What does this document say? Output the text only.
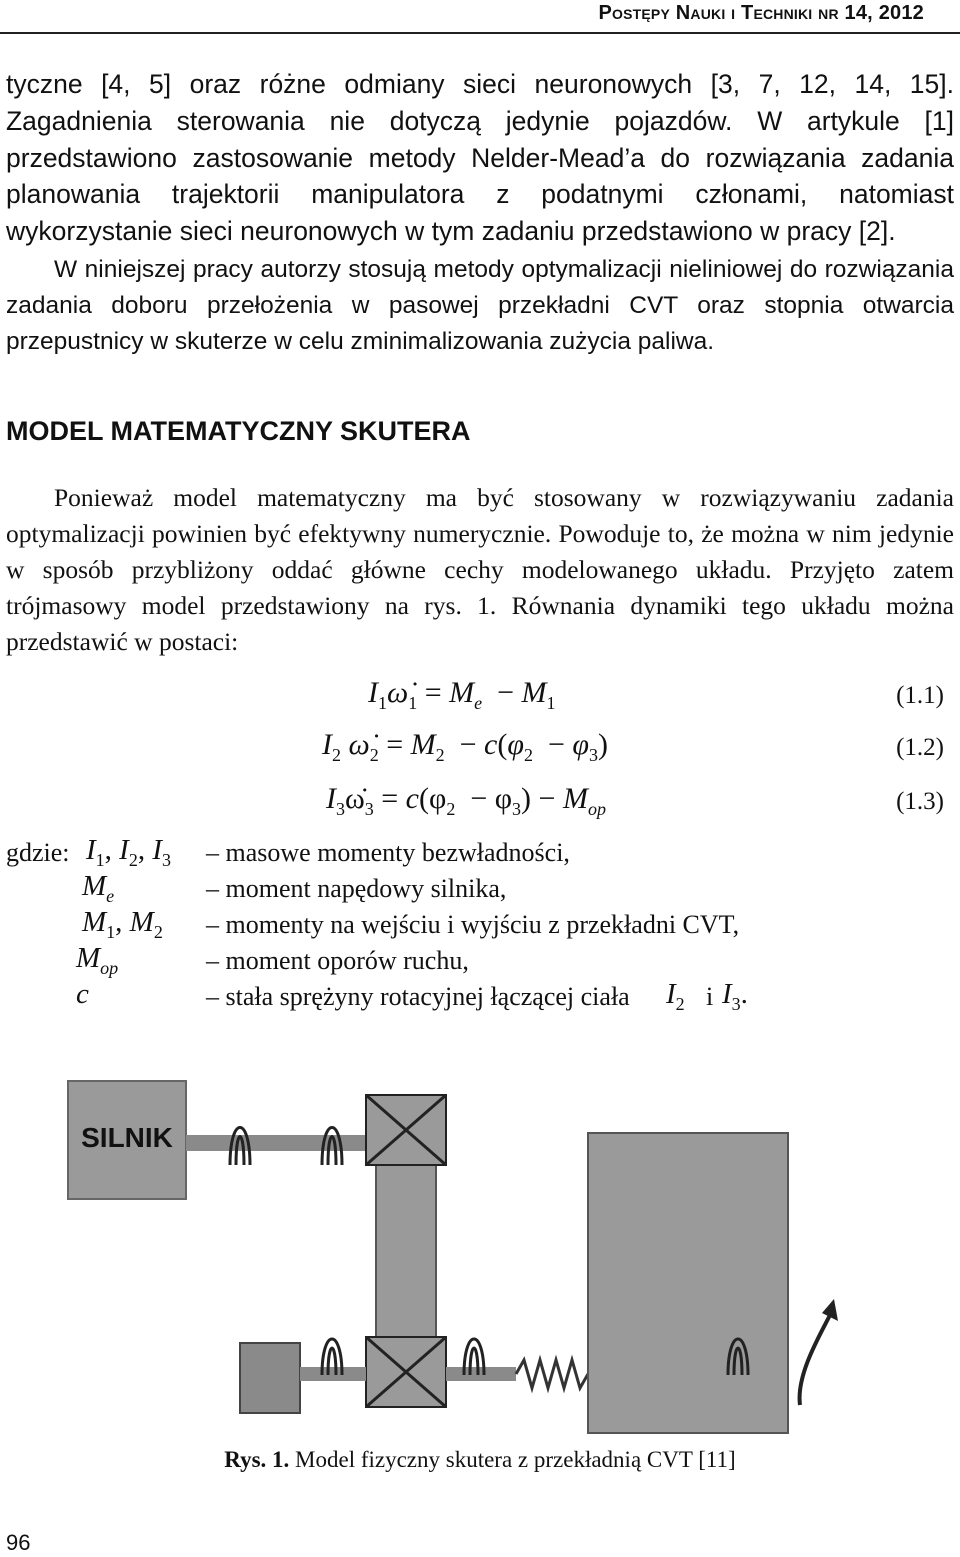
Postępy Nauki i Techniki nr 14, 2012

tyczne [4, 5] oraz różne odmiany sieci neuronowych [3, 7, 12, 14, 15]. Zagadnienia sterowania nie dotyczą jedynie pojazdów. W artykule [1] przedstawiono zastosowanie metody Nelder-Mead’a do rozwiązania zadania planowania trajektorii manipulatora z podatnymi członami, natomiast wykorzystanie sieci neuronowych w tym zadaniu przedstawiono w pracy [2].

W niniejszej pracy autorzy stosują metody optymalizacji nieliniowej do rozwiązania zadania doboru przełożenia w pasowej przekładni CVT oraz stopnia otwarcia przepustnicy w skuterze w celu zminimalizowania zużycia paliwa.

MODEL MATEMATYCZNY SKUTERA

Ponieważ model matematyczny ma być stosowany w rozwiązywaniu zadania optymalizacji powinien być efektywny numerycznie. Powoduje to, że można w nim jedynie w sposób przybliżony oddać główne cechy modelowanego układu. Przyjęto zatem trójmasowy model przedstawiony na rys. 1. Równania dynamiki tego układu można przedstawić w postaci:

$I_1\omegȧ_1 = M_e - M_1$	(1.1)
$I_2$ $\omegȧ_2 = M_2 - c(\varphi_2 - \varphi_3)$	(1.2)
$I_3\omegȧ_3 = c(\varphi_2 - \varphi_3) - M_{op}$	(1.3)
gdzie: $I_1$, $I_2$, $I_3$ – masowe momenty bezwładności,
$M_e$	– moment napędowy silnika,
$M_1$, $M_2$ – momenty na wejściu i wyjściu z przekładni CVT,
$M_{op}$	– moment oporów ruchu,
c	– stała sprężyny rotacyjnej łączącej ciała $I_2$ i $I_3$.
SILNIK
Rys. 1. Model fizyczny skutera z przekładnią CVT [11]
96
